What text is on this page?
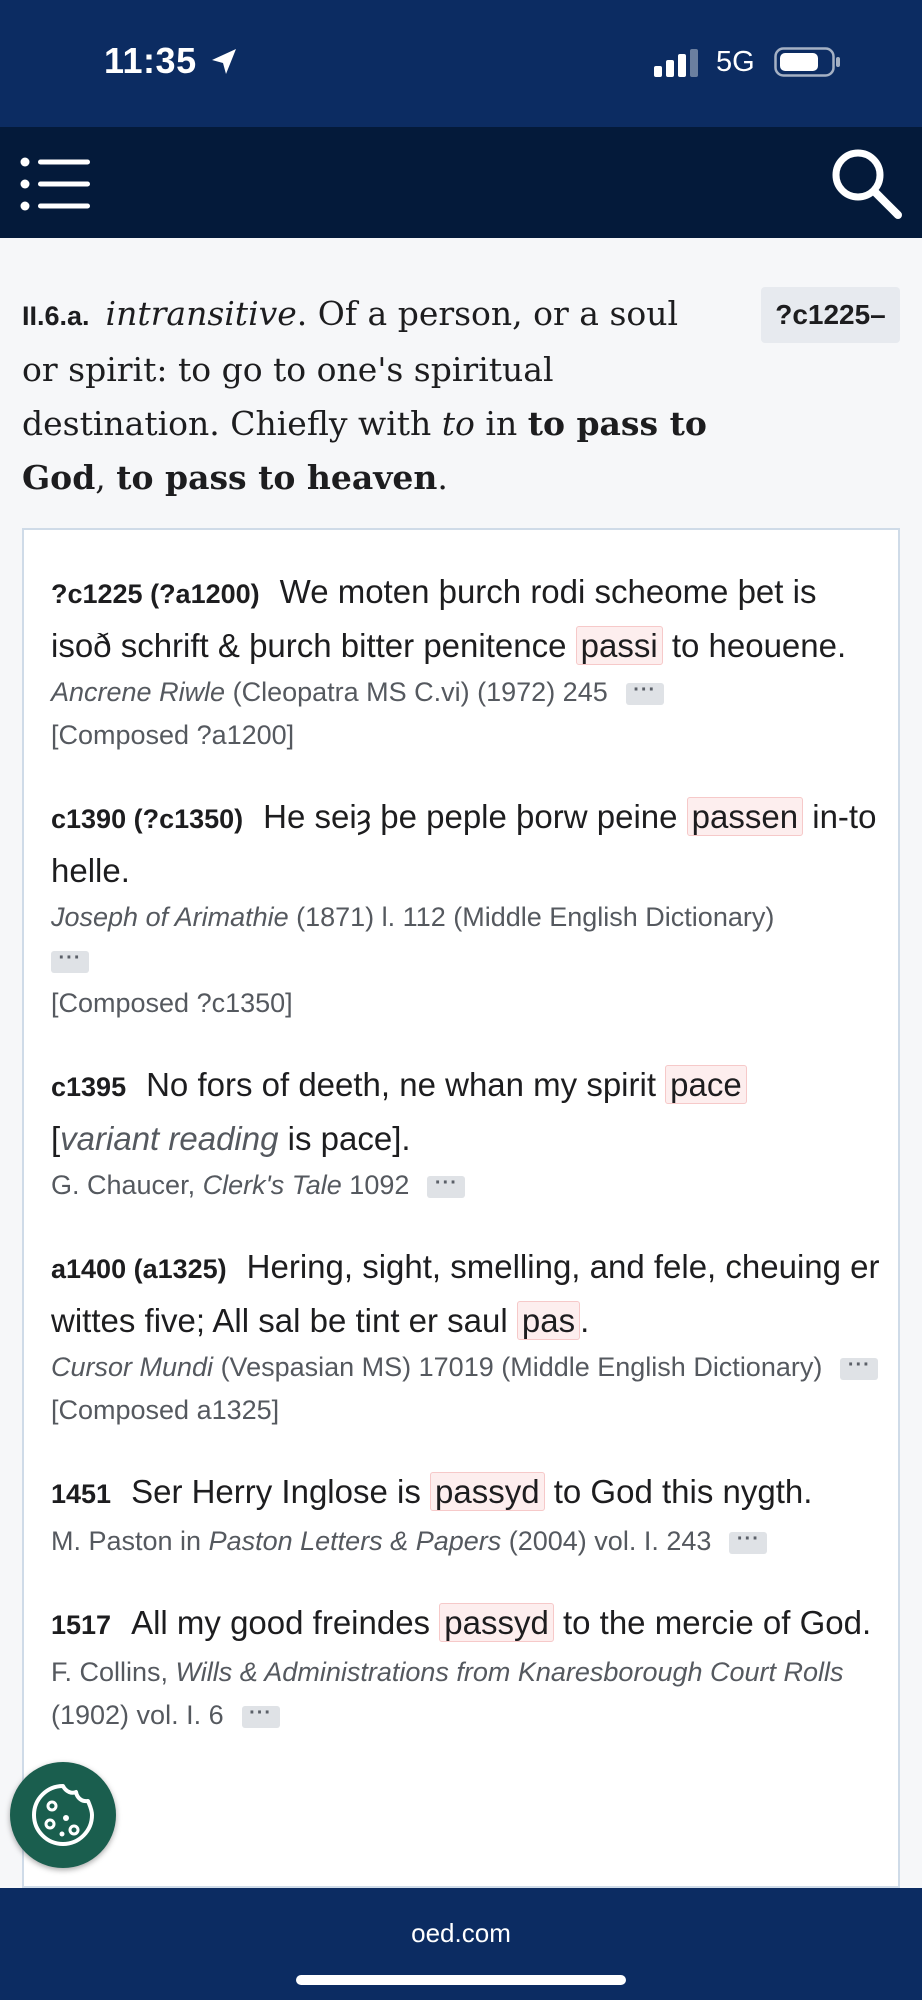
11:35	5G
II.6.a. intransitive. Of a person, or a soul or spirit: to go to one's spiritual destination. Chiefly with to in to pass to God, to pass to heaven.
?c1225–
?c1225 (?a1200) We moten þurch rodi scheome þet is isoð schrift & þurch bitter penitence passi to heouene.
Ancrene Riwle (Cleopatra MS C.vi) (1972) 245 ···
[Composed ?a1200]
c1390 (?c1350) He seiȝ þe peple þorw peine passen in-to helle.
Joseph of Arimathie (1871) l. 112 (Middle English Dictionary)
···
[Composed ?c1350]
c1395 No fors of deeth, ne whan my spirit pace
[variant reading is pace].
G. Chaucer, Clerk's Tale 1092 ···
a1400 (a1325) Hering, sight, smelling, and fele, cheuing er wittes five; All sal be tint er saul pas .
Cursor Mundi (Vespasian MS) 17019 (Middle English Dictionary) ···
[Composed a1325]
1451 Ser Herry Inglose is passyd to God this nygth.
M. Paston in Paston Letters & Papers (2004) vol. I. 243 ···
1517 All my good freindes passyd to the mercie of God.
F. Collins, Wills & Administrations from Knaresborough Court Rolls (1902) vol. I. 6 ···
oed.com
